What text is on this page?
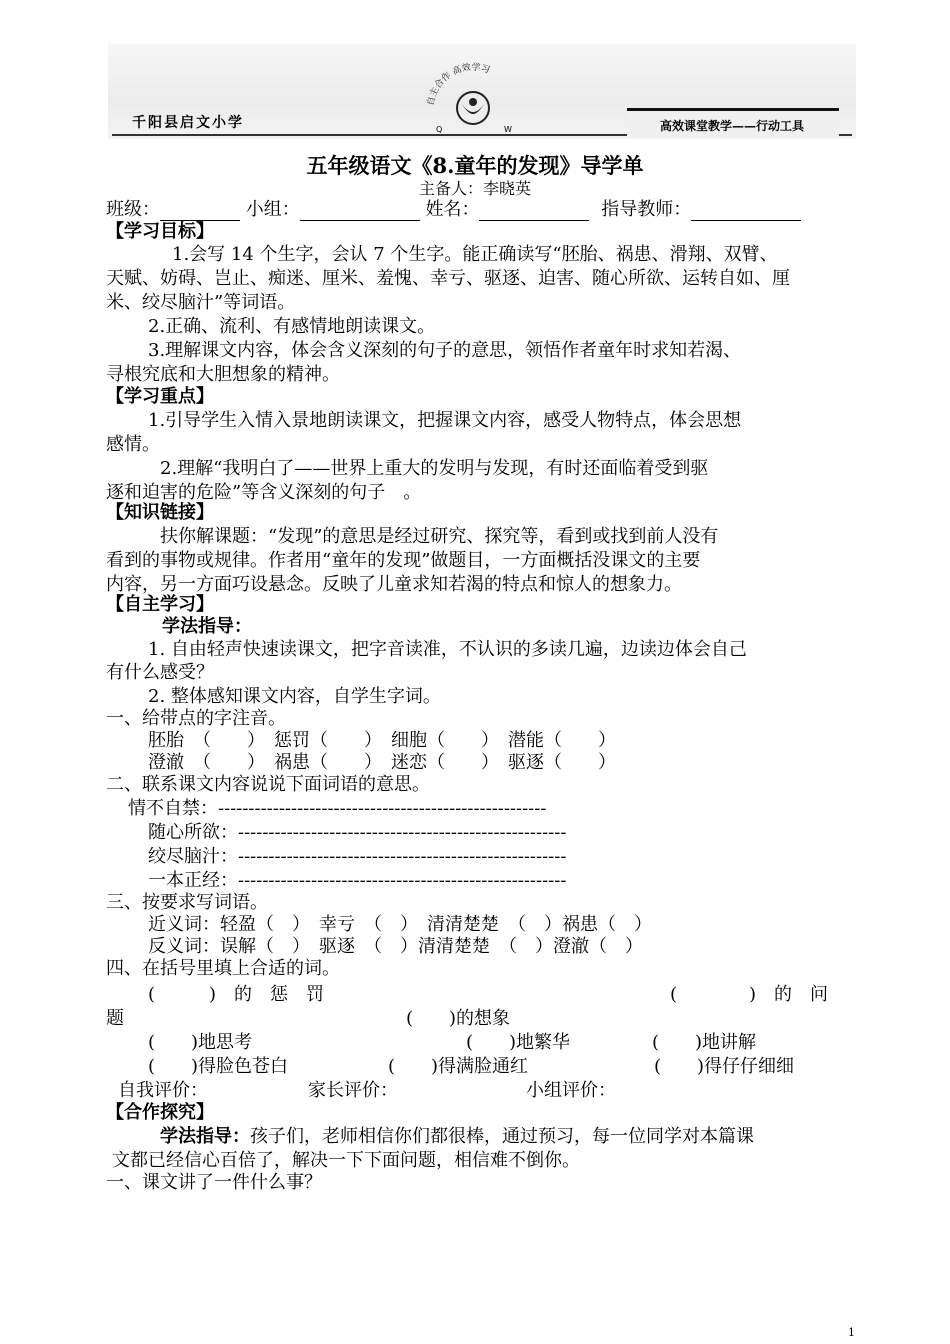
千阳县启文小学	高效课堂教学——行动工具
自主合作 高效学习
Q	W
五年级语文《8.童年的发现》导学单
主备人：李晓英
班级：	小组：	姓名：	指导教师：
【学习目标】
1.会写 14 个生字，会认 7 个生字。能正确读写“胚胎、祸患、滑翔、双臂、
天赋、妨碍、岂止、痴迷、厘米、羞愧、幸亏、驱逐、迫害、随心所欲、运转自如、厘
米、绞尽脑汁”等词语。
2.正确、流利、有感情地朗读课文。
3.理解课文内容，体会含义深刻的句子的意思，领悟作者童年时求知若渴、
寻根究底和大胆想象的精神。
【学习重点】
1.引导学生入情入景地朗读课文，把握课文内容，感受人物特点，体会思想
感情。
2.理解“我明白了——世界上重大的发明与发现，有时还面临着受到驱
逐和迫害的危险”等含义深刻的句子　。
【知识链接】
扶你解课题：“发现”的意思是经过研究、探究等，看到或找到前人没有
看到的事物或规律。作者用“童年的发现”做题目，一方面概括没课文的主要
内容，另一方面巧设悬念。反映了儿童求知若渴的特点和惊人的想象力。
【自主学习】
学法指导：
1. 自由轻声快速读课文，把字音读准，不认识的多读几遍，边读边体会自己
有什么感受？
2. 整体感知课文内容，自学生字词。
一、给带点的字注音。
胚胎　（　　）　惩罚（　　）　细胞（　　）　潜能（　　）
澄澈　（　　）　祸患（　　）　迷恋（　　）　驱逐（　　）
二、联系课文内容说说下面词语的意思。
情不自禁：------------------------------------------------------
随心所欲：------------------------------------------------------
绞尽脑汁：------------------------------------------------------
一本正经：------------------------------------------------------
三、按要求写词语。
近义词：轻盈（　）　幸亏　（　）　清清楚楚　（　）祸患（　）
反义词：误解（　）　驱逐　（　）清清楚楚　（　）澄澈（　）
四、在括号里填上合适的词。
(　　　)　的　惩　罚	(　　　　)　的　问
题	(　　)的想象
(　　)地思考	(　　)地繁华	(　　)地讲解
(　　)得脸色苍白	(　　)得满脸通红	(　　)得仔仔细细
自我评价：	家长评价：	小组评价：
【合作探究】
学法指导：孩子们，老师相信你们都很棒，通过预习，每一位同学对本篇课
文都已经信心百倍了，解决一下下面问题，相信难不倒你。
一、课文讲了一件什么事？
1
